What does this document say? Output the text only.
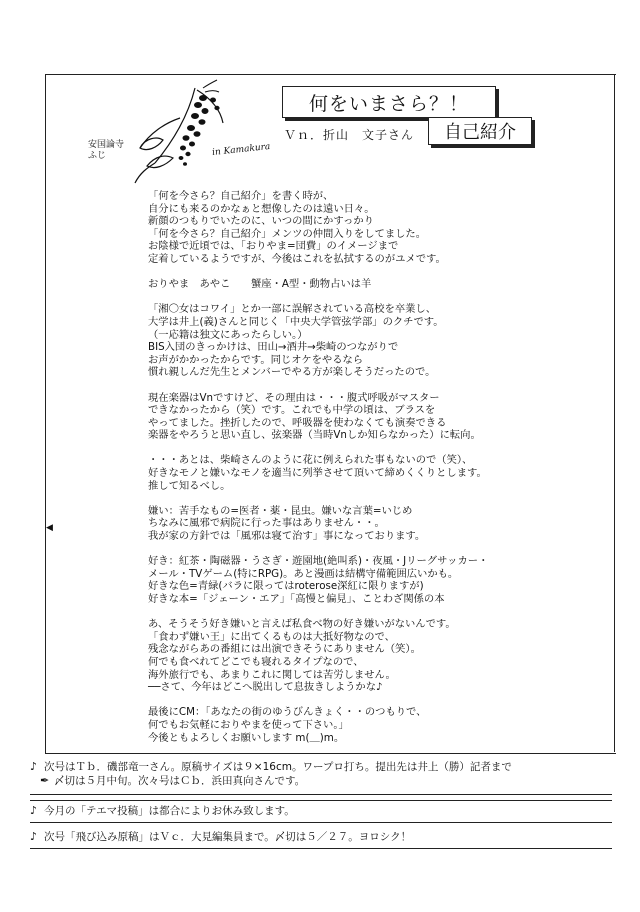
安国論寺
ふじ	in Kamakura
何をいまさら？！
Ｖｎ．折山　文子さん 自己紹介
「何を今さら？自己紹介」を書く時が、
自分にも来るのかなぁと想像したのは遠い日々。
新顔のつもりでいたのに、いつの間にかすっかり
「何を今さら？自己紹介」メンツの仲間入りをしてました。
お陰様で近頃では、「おりやま=団費」のイメージまで
定着しているようですが、今後はこれを払拭するのがユメです。
おりやま　あやこ　　蟹座・A型・動物占いは羊
「湘〇女はコワイ」とか一部に誤解されている高校を卒業し、
大学は井上(義)さんと同じく「中央大学管弦学部」のクチです。
（一応籍は独文にあったらしい。）
BIS入団のきっかけは、田山→酒井→柴崎のつながりで
お声がかかったからです。同じオケをやるなら
慣れ親しんだ先生とメンバーでやる方が楽しそうだったので。
現在楽器はVnですけど、その理由は・・・腹式呼吸がマスター
できなかったから（笑）です。これでも中学の頃は、ブラスを
やってました。挫折したので、呼吸器を使わなくても演奏できる
楽器をやろうと思い直し、弦楽器（当時Vnしか知らなかった）に転向。
・・・あとは、柴崎さんのように花に例えられた事もないので（笑）、
好きなモノと嫌いなモノを適当に列挙させて頂いて締めくくりとします。
推して知るべし。
嫌い：苦手なもの=医者・薬・昆虫。嫌いな言葉=いじめ
ちなみに風邪で病院に行った事はありません・・。
我が家の方針では「風邪は寝て治す」事になっております。
好き：紅茶・陶磁器・うさぎ・遊園地(絶叫系)・夜風・Jリーグサッカー・
メール・TVゲーム(特にRPG)。あと漫画は結構守備範囲広いかも。
好きな色=青緑(バラに限ってはroterose深紅に限りますが)
好きな本=「ジェーン・エア」「高慢と偏見」、ことわざ関係の本
あ、そうそう好き嫌いと言えば私食べ物の好き嫌いがないんです。
「食わず嫌い王」に出てくるものは大抵好物なので、
残念ながらあの番組には出演できそうにありません（笑）。
何でも食べれてどこでも寝れるタイプなので、
海外旅行でも、あまりこれに関しては苦労しません。
──さて、今年はどこへ脱出して息抜きしようかな♪
最後にCM：「あなたの街のゆうびんきょく・・のつもりで、
何でもお気軽におりやまを使って下さい。」
今後ともよろしくお願いします m(＿)m。
◀
♪ 次号はＴｂ．磯部竜一さん。原稿サイズは９×16cm。ワープロ打ち。提出先は井上（勝）記者まで
✒ 〆切は５月中旬。次々号はＣｂ．浜田真向さんです。
♪ 今月の「テエマ投稿」は都合によりお休み致します。
♪ 次号「飛び込み原稿」はＶｃ．大見編集員まで。〆切は５／２７。ヨロシク！
